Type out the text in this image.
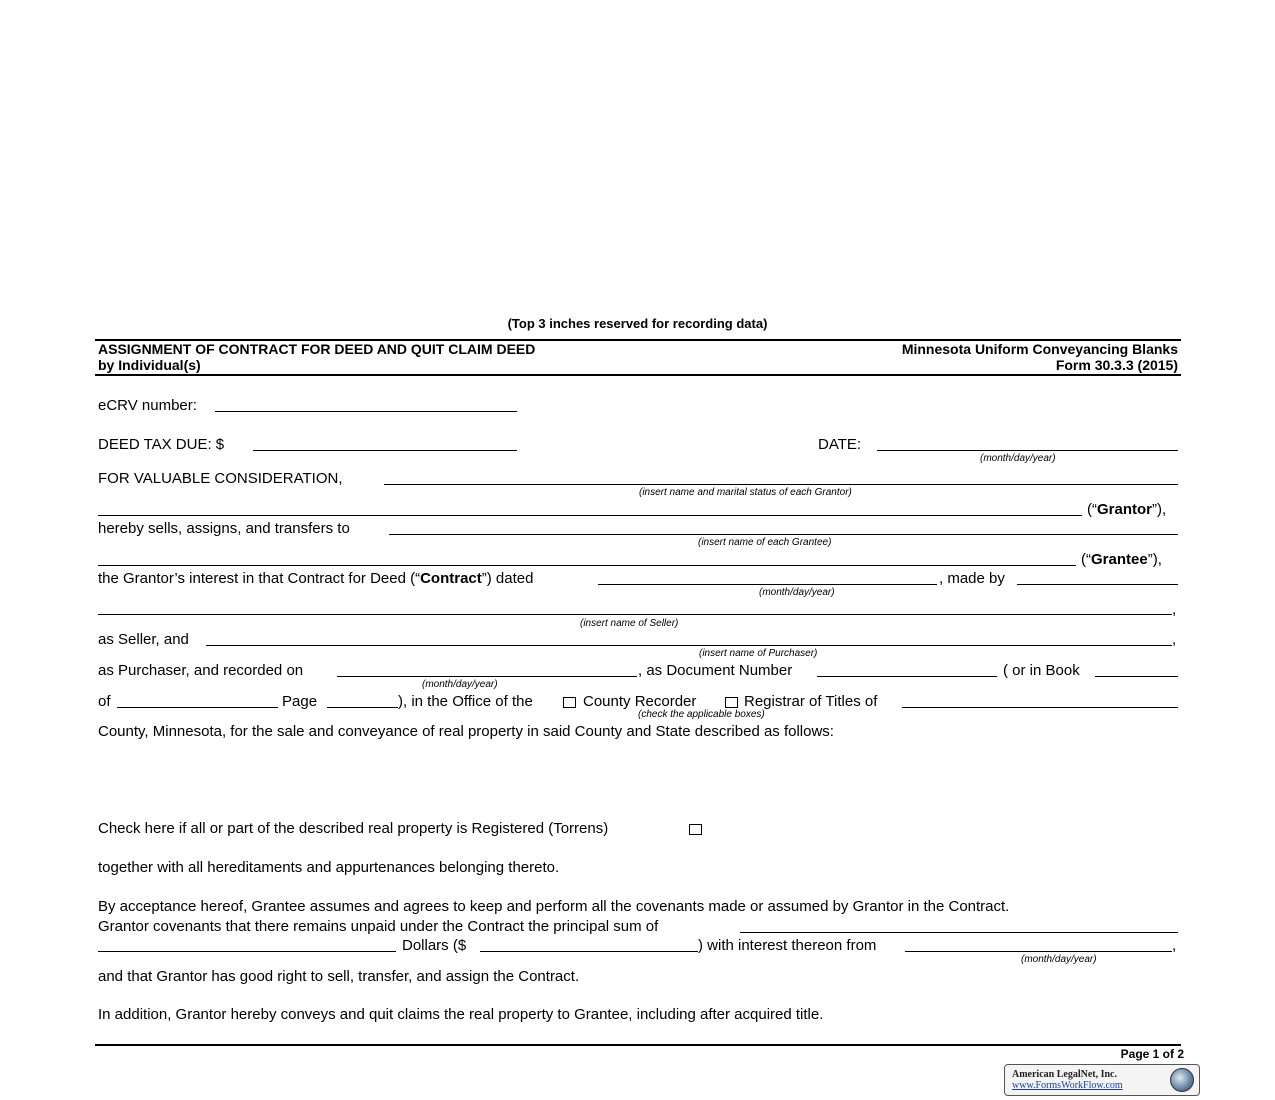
(Top 3 inches reserved for recording data)
ASSIGNMENT OF CONTRACT FOR DEED AND QUIT CLAIM DEED
by Individual(s)
Minnesota Uniform Conveyancing Blanks
Form 30.3.3 (2015)
eCRV number:
DEED TAX DUE: $	DATE:
(month/day/year)
FOR VALUABLE CONSIDERATION,
(insert name and marital status of each Grantor)
(“Grantor”),
hereby sells, assigns, and transfers to
(insert name of each Grantee)
(“Grantee”),
the Grantor’s interest in that Contract for Deed (“Contract”) dated	, made by
(month/day/year)
,
(insert name of Seller)
as Seller, and	,
(insert name of Purchaser)
as Purchaser, and recorded on	, as Document Number	( or in Book
(month/day/year)
of	Page	), in the Office of the	County Recorder	Registrar of Titles of
(check the applicable boxes)
County, Minnesota, for the sale and conveyance of real property in said County and State described as follows:
Check here if all or part of the described real property is Registered (Torrens)
together with all hereditaments and appurtenances belonging thereto.
By acceptance hereof, Grantee assumes and agrees to keep and perform all the covenants made or assumed by Grantor in the Contract.
Grantor covenants that there remains unpaid under the Contract the principal sum of
Dollars ($	) with interest thereon from	,
(month/day/year)
and that Grantor has good right to sell, transfer, and assign the Contract.
In addition, Grantor hereby conveys and quit claims the real property to Grantee, including after acquired title.
Page 1 of 2
American LegalNet, Inc.
www.FormsWorkFlow.com
